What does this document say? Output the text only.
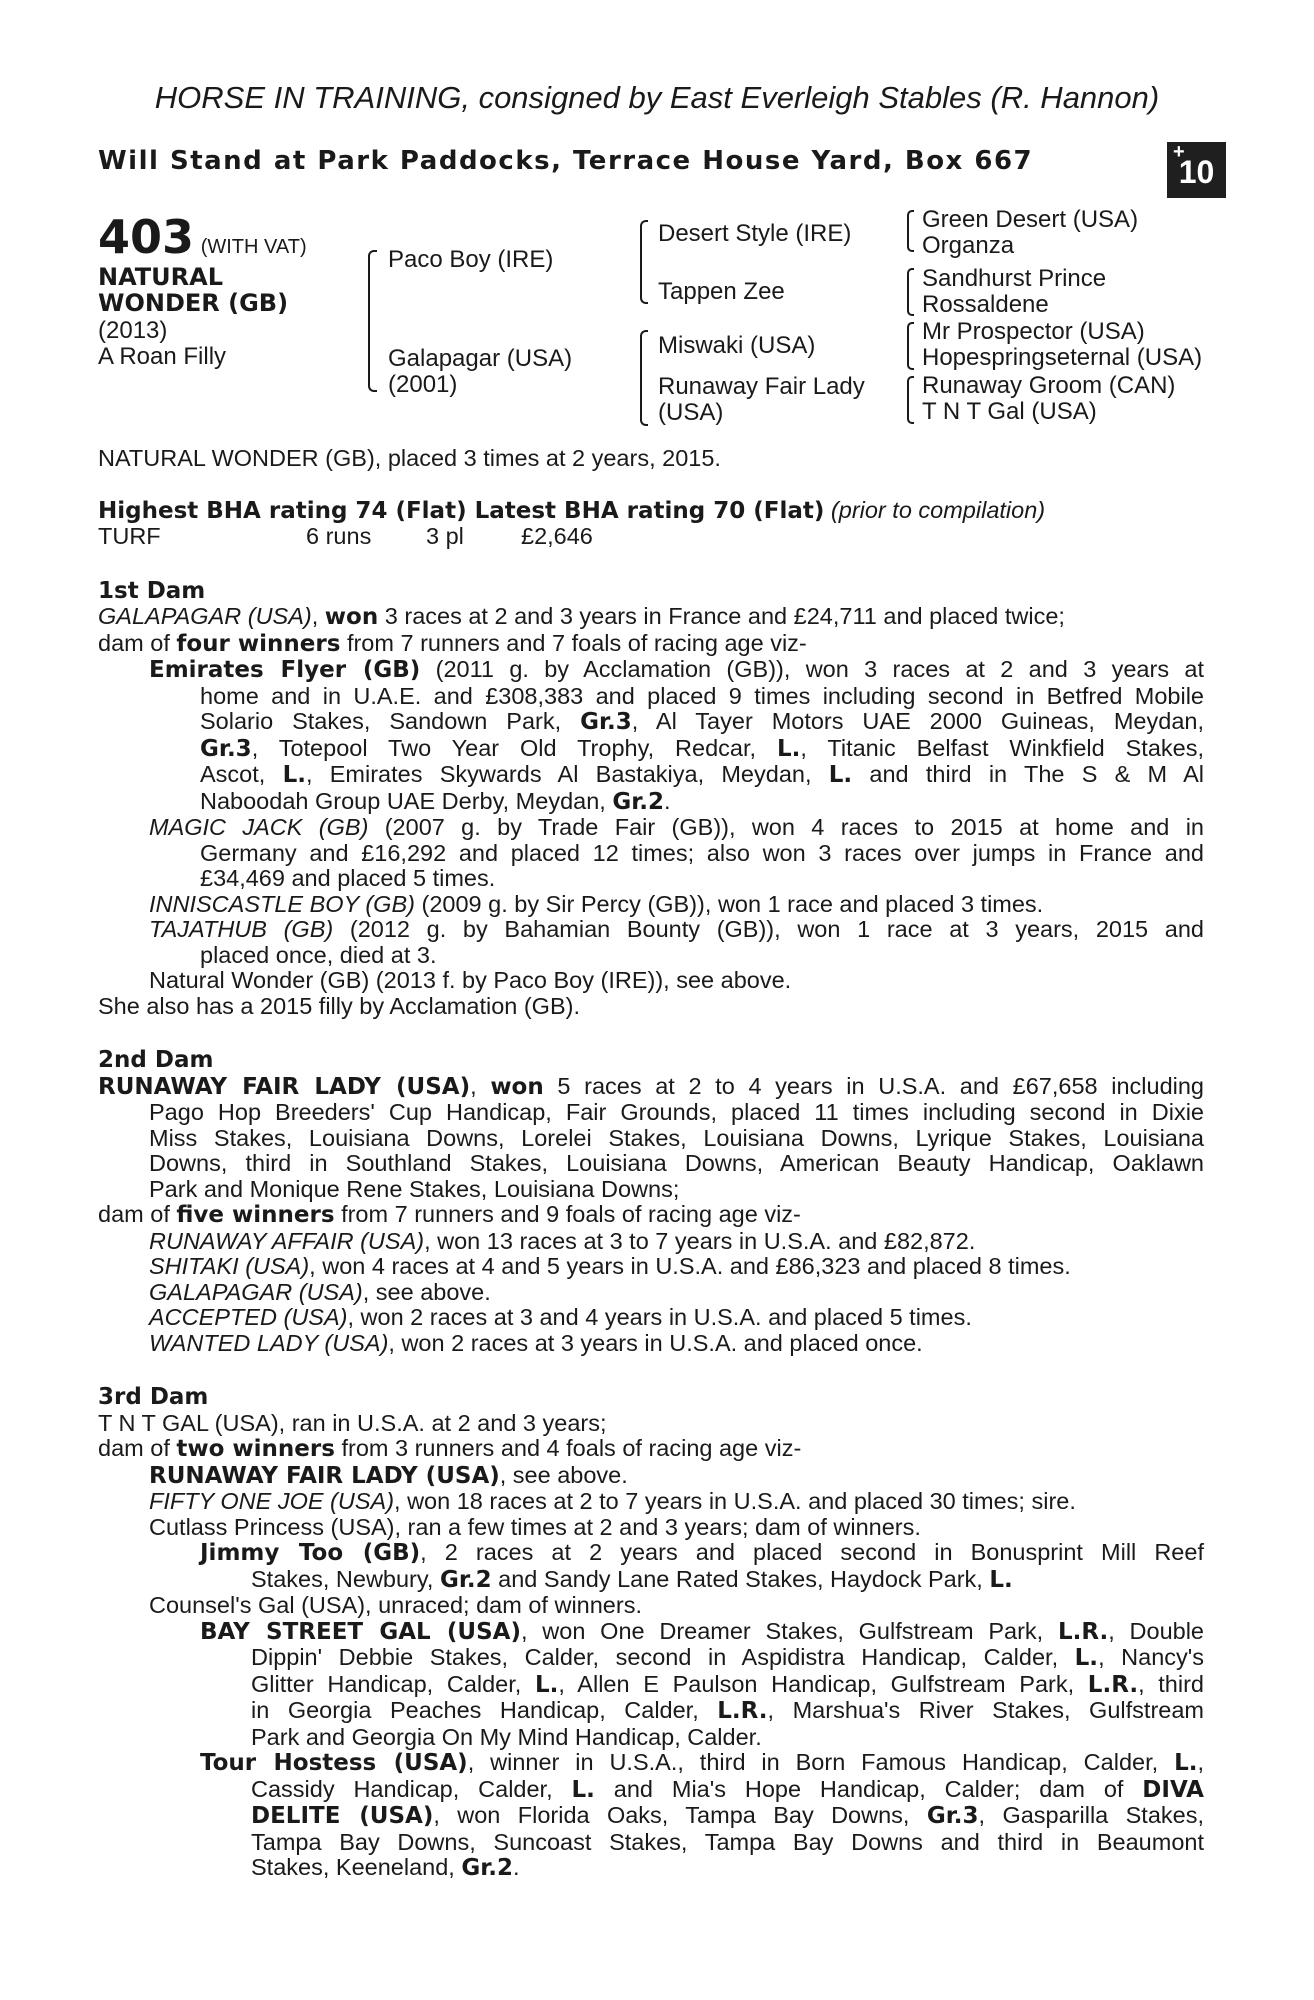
HORSE IN TRAINING, consigned by East Everleigh Stables (R. Hannon)
Will Stand at Park Paddocks, Terrace House Yard, Box 667	+
10
403 (WITH VAT)
NATURAL
WONDER (GB)
(2013)
A Roan Filly
Paco Boy (IRE)
Galapagar (USA)
(2001)
Desert Style (IRE)
Tappen Zee
Miswaki (USA)
Runaway Fair Lady
(USA)
Green Desert (USA)
Organza
Sandhurst Prince
Rossaldene
Mr Prospector (USA)
Hopespringseternal (USA)
Runaway Groom (CAN)
T N T Gal (USA)
NATURAL WONDER (GB), placed 3 times at 2 years, 2015.
Highest BHA rating 74 (Flat) Latest BHA rating 70 (Flat) (prior to compilation)
TURF	6 runs 3 pl £2,646
1st Dam
GALAPAGAR (USA), won 3 races at 2 and 3 years in France and £24,711 and placed twice;
dam of four winners from 7 runners and 7 foals of racing age viz-
Emirates Flyer (GB) (2011 g. by Acclamation (GB)), won 3 races at 2 and 3 years at
home and in U.A.E. and £308,383 and placed 9 times including second in Betfred Mobile
Solario Stakes, Sandown Park, Gr.3, Al Tayer Motors UAE 2000 Guineas, Meydan,
Gr.3, Totepool Two Year Old Trophy, Redcar, L., Titanic Belfast Winkfield Stakes,
Ascot, L., Emirates Skywards Al Bastakiya, Meydan, L. and third in The S & M Al
Naboodah Group UAE Derby, Meydan, Gr.2.
MAGIC JACK (GB) (2007 g. by Trade Fair (GB)), won 4 races to 2015 at home and in
Germany and £16,292 and placed 12 times; also won 3 races over jumps in France and
£34,469 and placed 5 times.
INNISCASTLE BOY (GB) (2009 g. by Sir Percy (GB)), won 1 race and placed 3 times.
TAJATHUB (GB) (2012 g. by Bahamian Bounty (GB)), won 1 race at 3 years, 2015 and
placed once, died at 3.
Natural Wonder (GB) (2013 f. by Paco Boy (IRE)), see above.
She also has a 2015 filly by Acclamation (GB).
2nd Dam
RUNAWAY FAIR LADY (USA), won 5 races at 2 to 4 years in U.S.A. and £67,658 including
Pago Hop Breeders' Cup Handicap, Fair Grounds, placed 11 times including second in Dixie
Miss Stakes, Louisiana Downs, Lorelei Stakes, Louisiana Downs, Lyrique Stakes, Louisiana
Downs, third in Southland Stakes, Louisiana Downs, American Beauty Handicap, Oaklawn
Park and Monique Rene Stakes, Louisiana Downs;
dam of five winners from 7 runners and 9 foals of racing age viz-
RUNAWAY AFFAIR (USA), won 13 races at 3 to 7 years in U.S.A. and £82,872.
SHITAKI (USA), won 4 races at 4 and 5 years in U.S.A. and £86,323 and placed 8 times.
GALAPAGAR (USA), see above.
ACCEPTED (USA), won 2 races at 3 and 4 years in U.S.A. and placed 5 times.
WANTED LADY (USA), won 2 races at 3 years in U.S.A. and placed once.
3rd Dam
T N T GAL (USA), ran in U.S.A. at 2 and 3 years;
dam of two winners from 3 runners and 4 foals of racing age viz-
RUNAWAY FAIR LADY (USA), see above.
FIFTY ONE JOE (USA), won 18 races at 2 to 7 years in U.S.A. and placed 30 times; sire.
Cutlass Princess (USA), ran a few times at 2 and 3 years; dam of winners.
Jimmy Too (GB), 2 races at 2 years and placed second in Bonusprint Mill Reef
Stakes, Newbury, Gr.2 and Sandy Lane Rated Stakes, Haydock Park, L.
Counsel's Gal (USA), unraced; dam of winners.
BAY STREET GAL (USA), won One Dreamer Stakes, Gulfstream Park, L.R., Double
Dippin' Debbie Stakes, Calder, second in Aspidistra Handicap, Calder, L., Nancy's
Glitter Handicap, Calder, L., Allen E Paulson Handicap, Gulfstream Park, L.R., third
in Georgia Peaches Handicap, Calder, L.R., Marshua's River Stakes, Gulfstream
Park and Georgia On My Mind Handicap, Calder.
Tour Hostess (USA), winner in U.S.A., third in Born Famous Handicap, Calder, L.,
Cassidy Handicap, Calder, L. and Mia's Hope Handicap, Calder; dam of DIVA
DELITE (USA), won Florida Oaks, Tampa Bay Downs, Gr.3, Gasparilla Stakes,
Tampa Bay Downs, Suncoast Stakes, Tampa Bay Downs and third in Beaumont
Stakes, Keeneland, Gr.2.
